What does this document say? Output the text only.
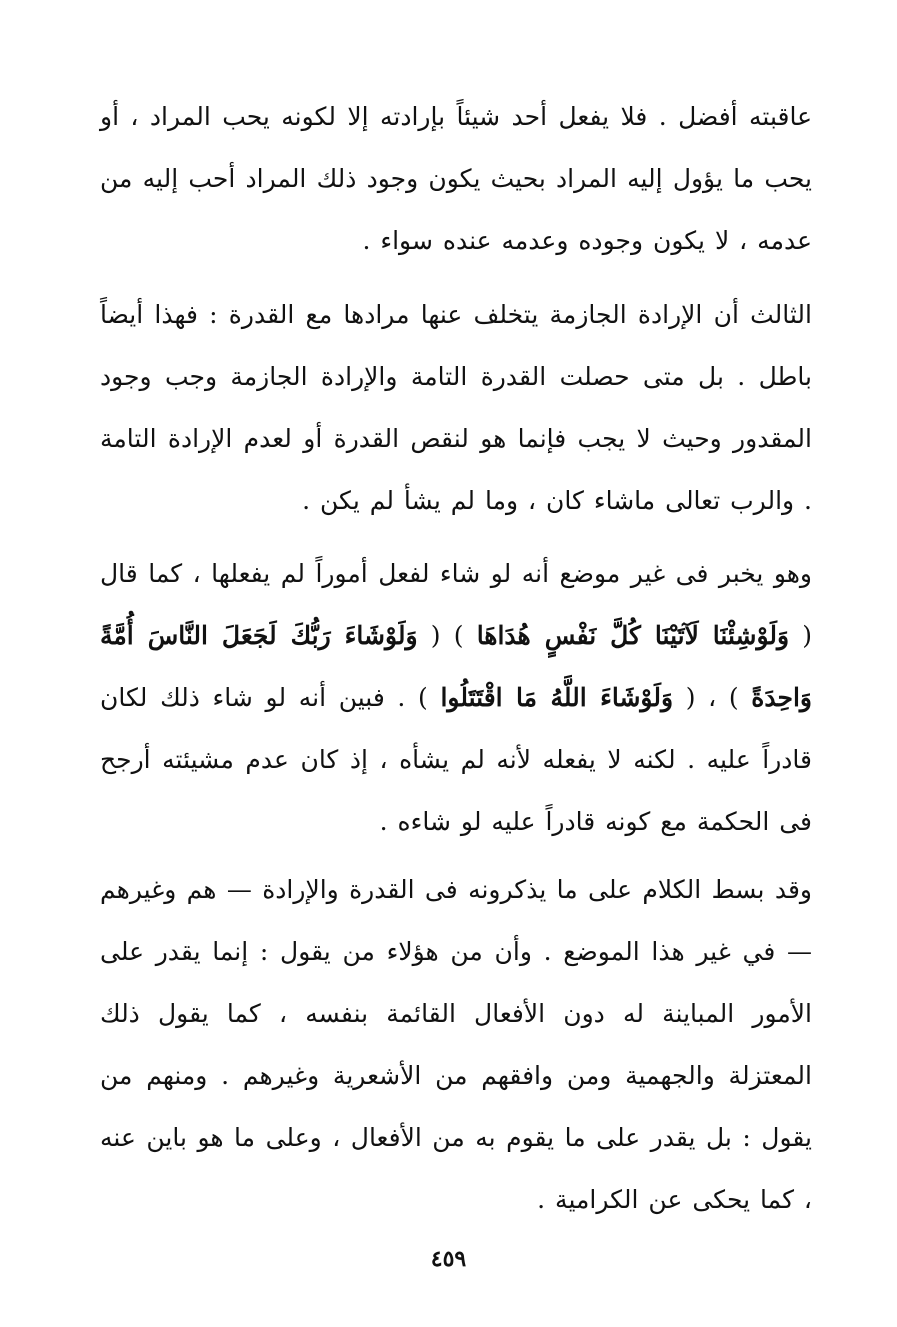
عاقبته أفضل . فلا يفعل أحد شيئاً بإرادته إلا لكونه يحب المراد ، أو يحب ما يؤول إليه المراد بحيث يكون وجود ذلك المراد أحب إليه من عدمه ، لا يكون وجوده وعدمه عنده سواء .

الثالث أن الإرادة الجازمة يتخلف عنها مرادها مع القدرة : فهذا أيضاً باطل . بل متى حصلت القدرة التامة والإرادة الجازمة وجب وجود المقدور وحيث لا يجب فإنما هو لنقص القدرة أو لعدم الإرادة التامة . والرب تعالى ماشاء كان ، وما لم يشأ لم يكن .

وهو يخبر فى غير موضع أنه لو شاء لفعل أموراً لم يفعلها ، كما قال ( وَلَوْشِئْنَا لَآتَيْنَا كُلَّ نَفْسٍ هُدَاهَا ) ( وَلَوْشَاءَ رَبُّكَ لَجَعَلَ النَّاسَ أُمَّةً وَاحِدَةً ) ، ( وَلَوْشَاءَ اللَّهُ مَا اقْتَتَلُوا ) . فبين أنه لو شاء ذلك لكان قادراً عليه . لكنه لا يفعله لأنه لم يشأه ، إذ كان عدم مشيئته أرجح فى الحكمة مع كونه قادراً عليه لو شاءه .

وقد بسط الكلام على ما يذكرونه فى القدرة والإرادة — هم وغيرهم — في غير هذا الموضع . وأن من هؤلاء من يقول : إنما يقدر على الأمور المباينة له دون الأفعال القائمة بنفسه ، كما يقول ذلك المعتزلة والجهمية ومن وافقهم من الأشعرية وغيرهم . ومنهم من يقول : بل يقدر على ما يقوم به من الأفعال ، وعلى ما هو باين عنه ، كما يحكى عن الكرامية .

٤٥٩
